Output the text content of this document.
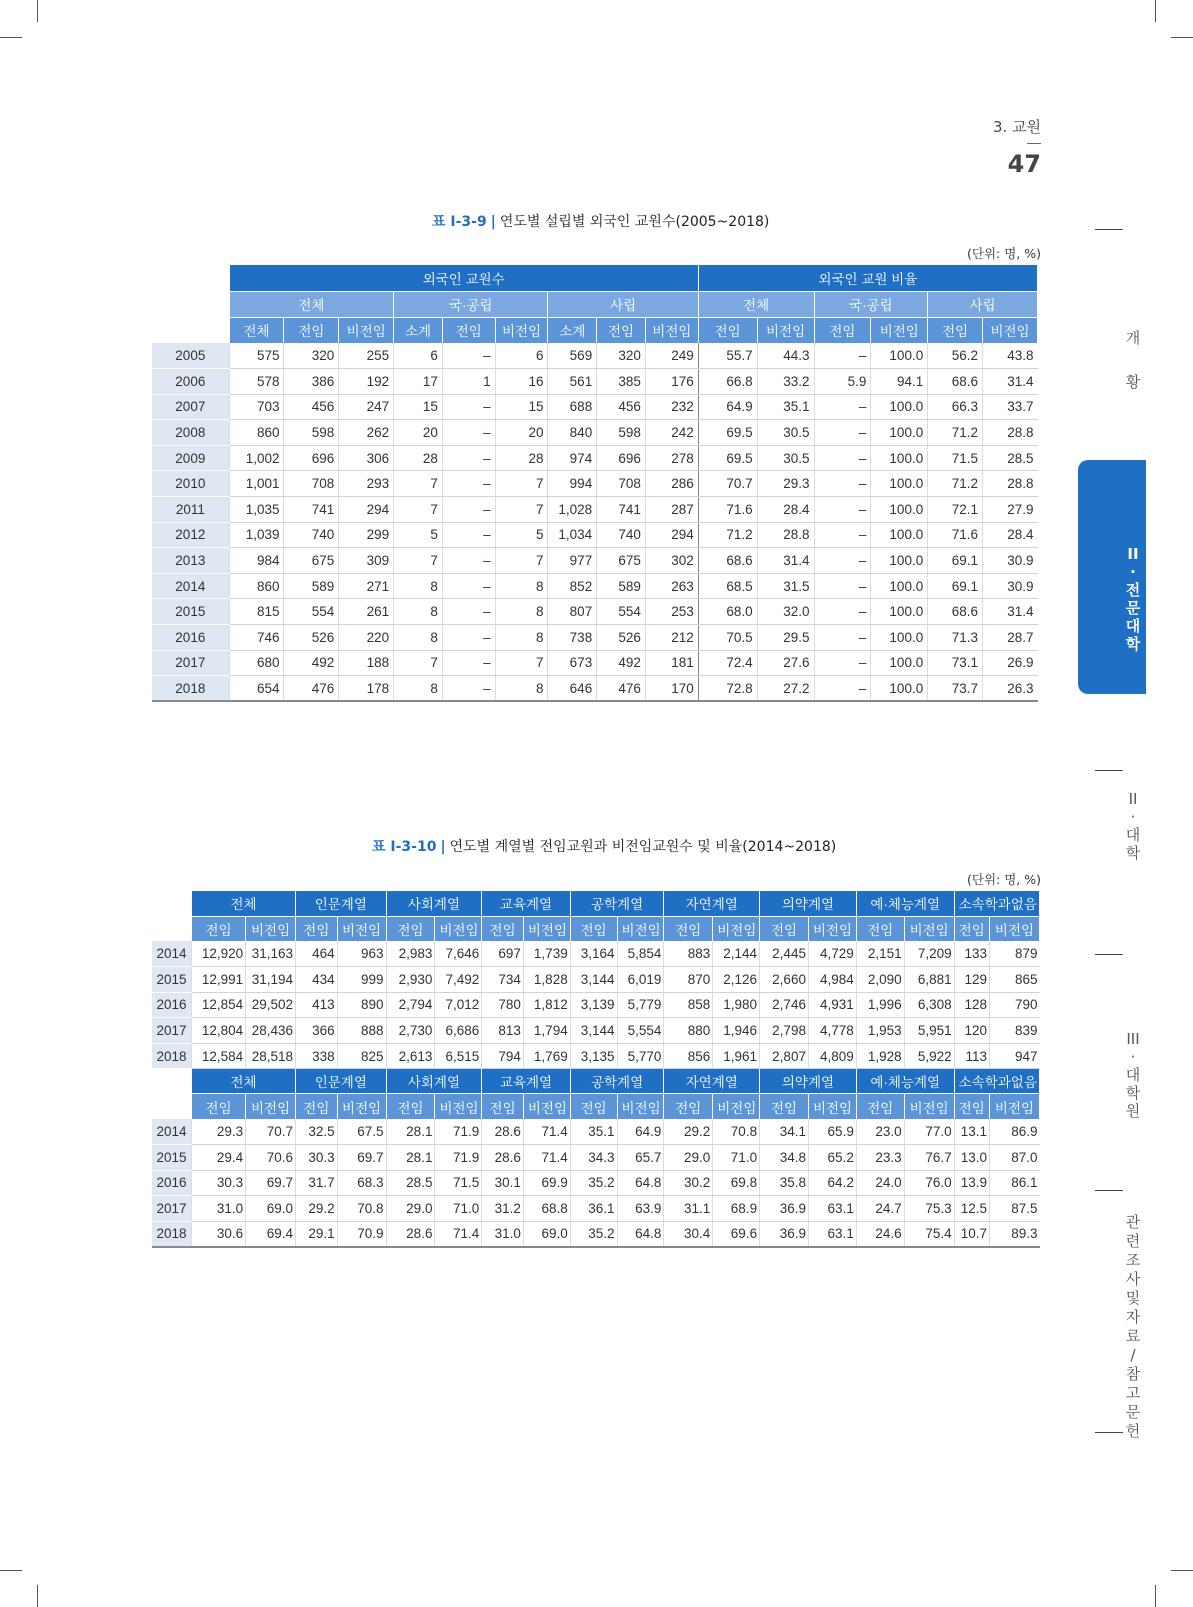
3. 교원
47
표 Ⅰ-3-9 | 연도별 설립별 외국인 교원수(2005~2018)
(단위: 명, %)
	외국인 교원수									외국인 교원 비율					
	전체			국·공립			사립			전체		국·공립		사립	
	전체	전임	비전임	소계	전임	비전임	소계	전임	비전임	전임	비전임	전임	비전임	전임	비전임
2005	575	320	255	6	–	6	569	320	249	55.7	44.3	–	100.0	56.2	43.8
2006	578	386	192	17	1	16	561	385	176	66.8	33.2	5.9	94.1	68.6	31.4
2007	703	456	247	15	–	15	688	456	232	64.9	35.1	–	100.0	66.3	33.7
2008	860	598	262	20	–	20	840	598	242	69.5	30.5	–	100.0	71.2	28.8
2009	1,002	696	306	28	–	28	974	696	278	69.5	30.5	–	100.0	71.5	28.5
2010	1,001	708	293	7	–	7	994	708	286	70.7	29.3	–	100.0	71.2	28.8
2011	1,035	741	294	7	–	7	1,028	741	287	71.6	28.4	–	100.0	72.1	27.9
2012	1,039	740	299	5	–	5	1,034	740	294	71.2	28.8	–	100.0	71.6	28.4
2013	984	675	309	7	–	7	977	675	302	68.6	31.4	–	100.0	69.1	30.9
2014	860	589	271	8	–	8	852	589	263	68.5	31.5	–	100.0	69.1	30.9
2015	815	554	261	8	–	8	807	554	253	68.0	32.0	–	100.0	68.6	31.4
2016	746	526	220	8	–	8	738	526	212	70.5	29.5	–	100.0	71.3	28.7
2017	680	492	188	7	–	7	673	492	181	72.4	27.6	–	100.0	73.1	26.9
2018	654	476	178	8	–	8	646	476	170	72.8	27.2	–	100.0	73.7	26.3
표 Ⅰ-3-10 | 연도별 계열별 전임교원과 비전임교원수 및 비율(2014~2018)
(단위: 명, %)
	전체		인문계열		사회계열		교육계열		공학계열		자연계열		의약계열		예·체능계열		소속학과없음	
	전임	비전임	전임	비전임	전임	비전임	전임	비전임	전임	비전임	전임	비전임	전임	비전임	전임	비전임	전임	비전임
2014	12,920	31,163	464	963	2,983	7,646	697	1,739	3,164	5,854	883	2,144	2,445	4,729	2,151	7,209	133	879
2015	12,991	31,194	434	999	2,930	7,492	734	1,828	3,144	6,019	870	2,126	2,660	4,984	2,090	6,881	129	865
2016	12,854	29,502	413	890	2,794	7,012	780	1,812	3,139	5,779	858	1,980	2,746	4,931	1,996	6,308	128	790
2017	12,804	28,436	366	888	2,730	6,686	813	1,794	3,144	5,554	880	1,946	2,798	4,778	1,953	5,951	120	839
2018	12,584	28,518	338	825	2,613	6,515	794	1,769	3,135	5,770	856	1,961	2,807	4,809	1,928	5,922	113	947
	전체		인문계열		사회계열		교육계열		공학계열		자연계열		의약계열		예·체능계열		소속학과없음	
	전임	비전임	전임	비전임	전임	비전임	전임	비전임	전임	비전임	전임	비전임	전임	비전임	전임	비전임	전임	비전임
2014	29.3	70.7	32.5	67.5	28.1	71.9	28.6	71.4	35.1	64.9	29.2	70.8	34.1	65.9	23.0	77.0	13.1	86.9
2015	29.4	70.6	30.3	69.7	28.1	71.9	28.6	71.4	34.3	65.7	29.0	71.0	34.8	65.2	23.3	76.7	13.0	87.0
2016	30.3	69.7	31.7	68.3	28.5	71.5	30.1	69.9	35.2	64.8	30.2	69.8	35.8	64.2	24.0	76.0	13.9	86.1
2017	31.0	69.0	29.2	70.8	29.0	71.0	31.2	68.8	36.1	63.9	31.1	68.9	36.9	63.1	24.7	75.3	12.5	87.5
2018	30.6	69.4	29.1	70.9	28.6	71.4	31.0	69.0	35.2	64.8	30.4	69.6	36.9	63.1	24.6	75.4	10.7	89.3
개
황
II
·
전
문
대
학
II
·
대
학
III
·
대
학
원
관
련
조
사
및
자
료
/
참
고
문
헌
